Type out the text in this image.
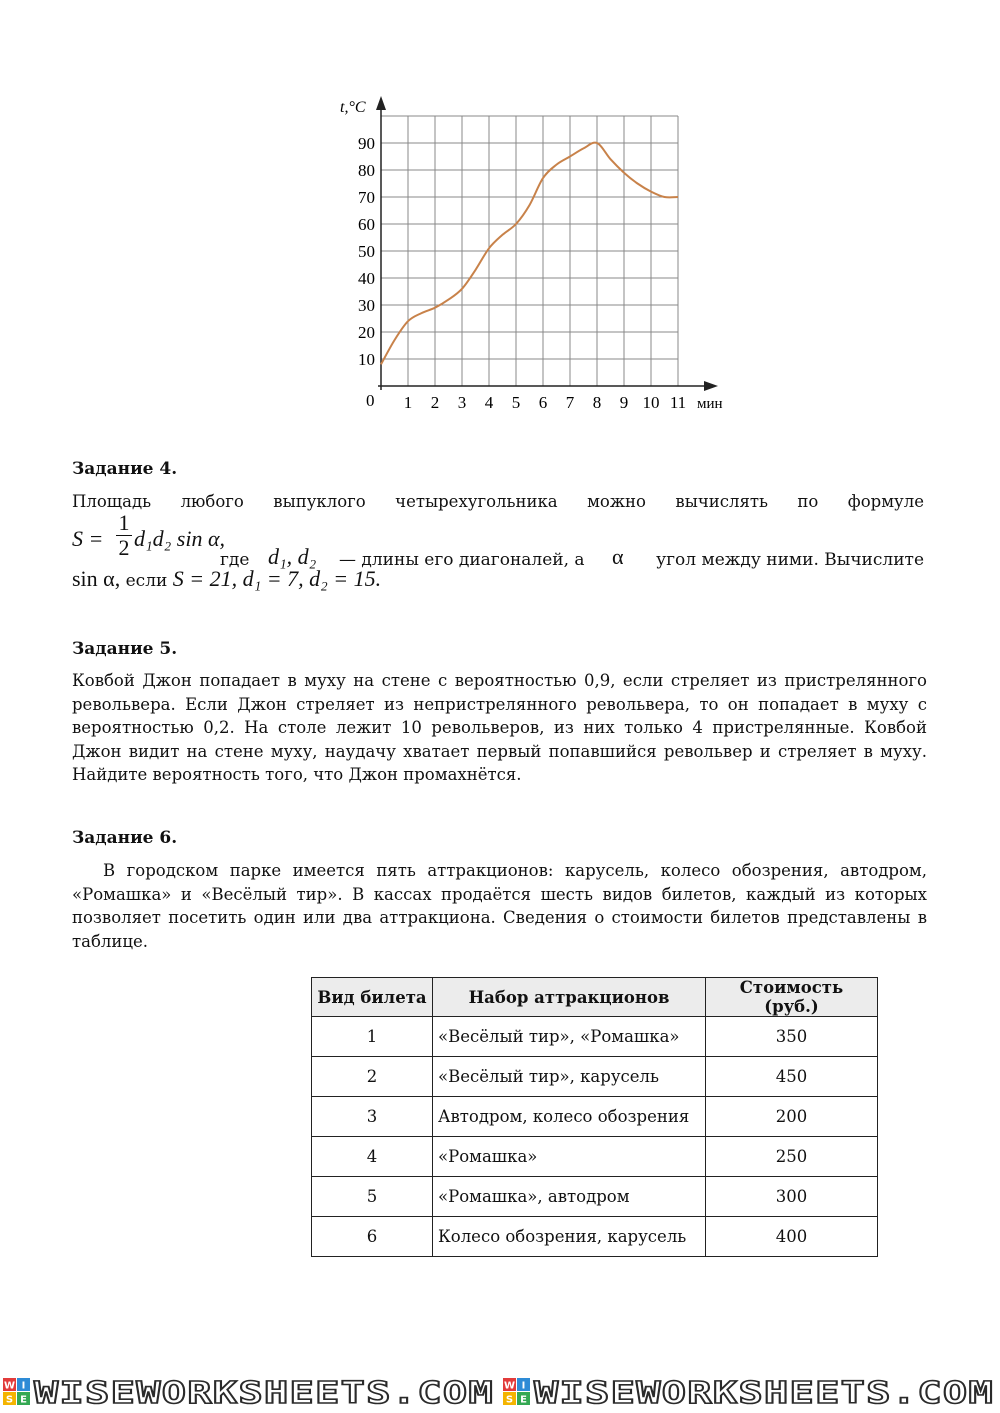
10
20
30
40
50
60
70
80
90
1 2 3 4 5 6 7 8 9 10 11
0
t,°C
мин
Задание 4.
Площадь любого выпуклого четырехугольника можно вычислять по формуле
S =
1
2 d₁d₂ sin α,
где d₁, d₂ — длины его диагоналей, а α	угол между ними. Вычислите
sin α, если S = 21, d₁ = 7, d₂ = 15.
Задание 5.
Ковбой Джон попадает в муху на стене с вероятностью 0,9, если стреляет из пристрелянного револьвера. Если Джон стреляет из непристрелянного револьвера, то он попадает в муху с вероятностью 0,2. На столе лежит 10 револьверов, из них только 4 пристрелянные. Ковбой Джон видит на стене муху, наудачу хватает первый попавшийся револьвер и стреляет в муху. Найдите вероятность того, что Джон промахнётся.
Задание 6.
В городском парке имеется пять аттракционов: карусель, колесо обозрения, автодром, «Ромашка» и «Весёлый тир». В кассах продаётся шесть видов билетов, каждый из которых позволяет посетить один или два аттракциона. Сведения о стоимости билетов представлены в таблице.
Вид билета	Набор аттракционов	Стоимость (руб.)
1	«Весёлый тир», «Ромашка»	350
2	«Весёлый тир», карусель	450
3	Автодром, колесо обозрения	200
4	«Ромашка»	250
5	«Ромашка», автодром	300
6	Колесо обозрения, карусель	400
W I
S E WISEWORKSHEETS.COM W I
S E WISEWORKSHEETS.COM
